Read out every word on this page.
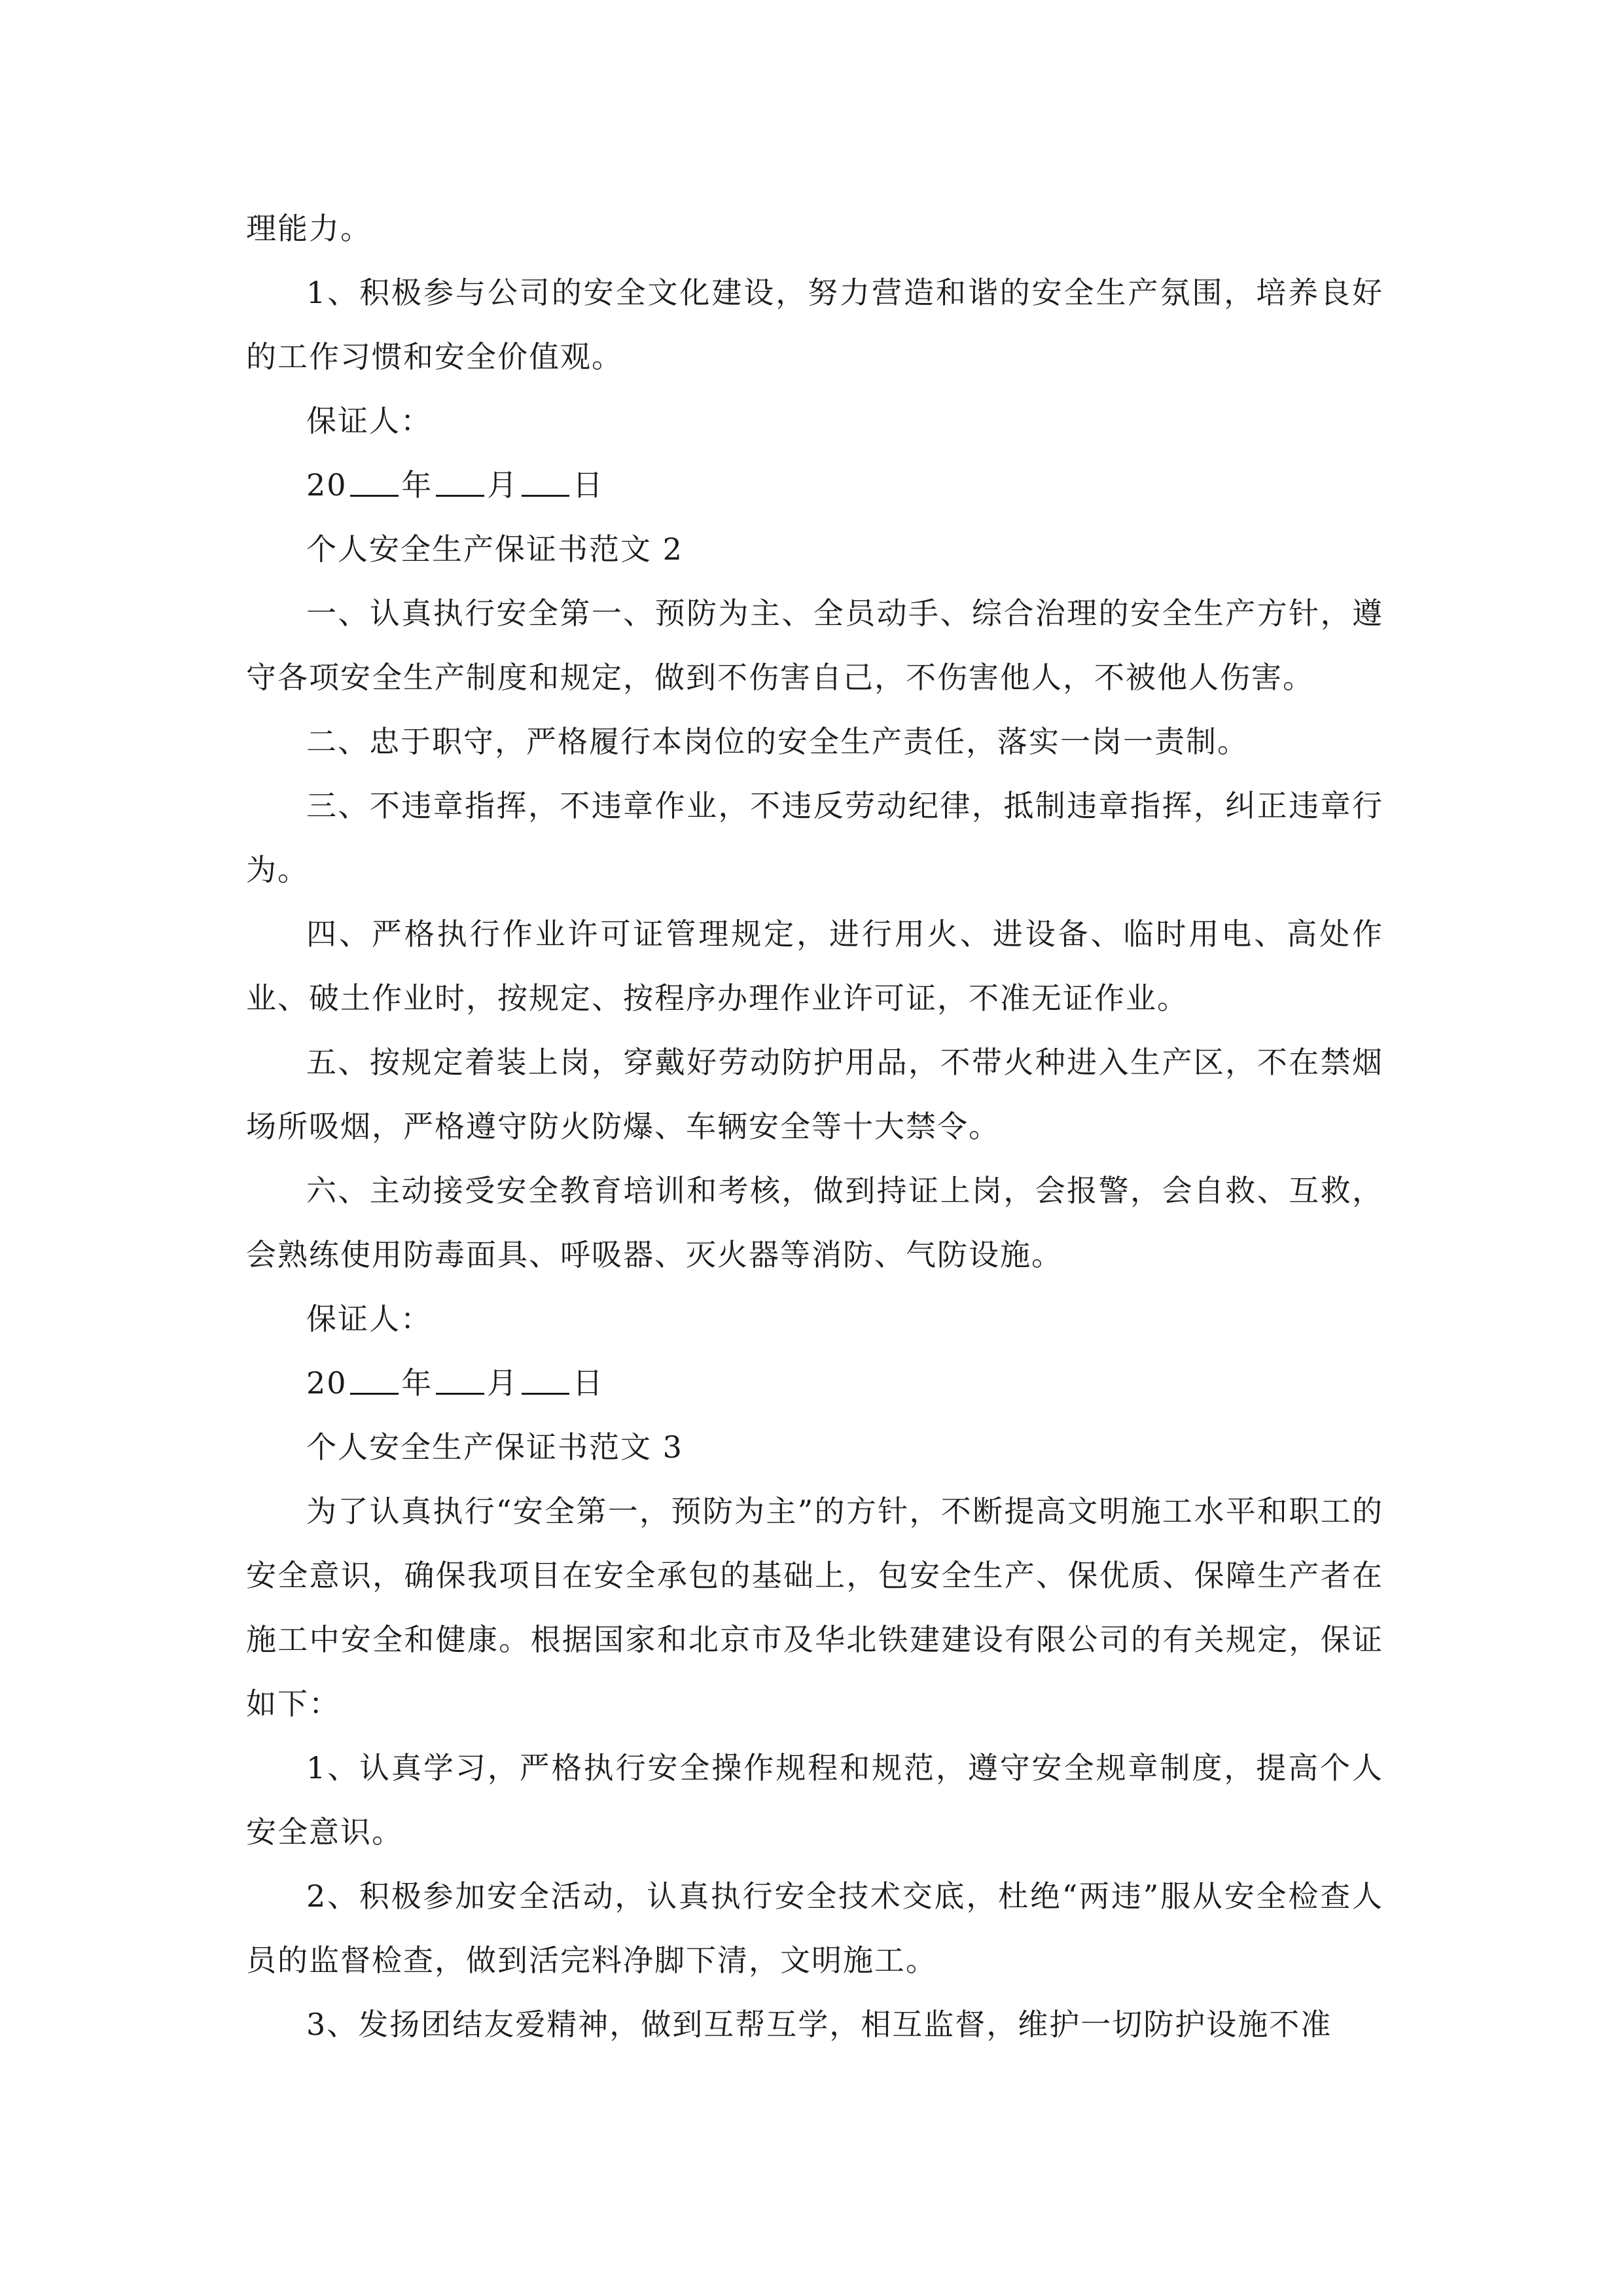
理能力。

1、积极参与公司的安全文化建设，努力营造和谐的安全生产氛围，培养良好的工作习惯和安全价值观。

保证人：

20 年 月 日

个人安全生产保证书范文 2

一、认真执行安全第一、预防为主、全员动手、综合治理的安全生产方针，遵守各项安全生产制度和规定，做到不伤害自己，不伤害他人，不被他人伤害。

二、忠于职守，严格履行本岗位的安全生产责任，落实一岗一责制。

三、不违章指挥，不违章作业，不违反劳动纪律，抵制违章指挥，纠正违章行为。

四、严格执行作业许可证管理规定，进行用火、进设备、临时用电、高处作业、破土作业时，按规定、按程序办理作业许可证，不准无证作业。

五、按规定着装上岗，穿戴好劳动防护用品，不带火种进入生产区，不在禁烟场所吸烟，严格遵守防火防爆、车辆安全等十大禁令。

六、主动接受安全教育培训和考核，做到持证上岗，会报警，会自救、互救，会熟练使用防毒面具、呼吸器、灭火器等消防、气防设施。

保证人：

20 年 月 日

个人安全生产保证书范文 3

为了认真执行“安全第一，预防为主”的方针，不断提高文明施工水平和职工的安全意识，确保我项目在安全承包的基础上，包安全生产、保优质、保障生产者在施工中安全和健康。根据国家和北京市及华北铁建建设有限公司的有关规定，保证如下：

1、认真学习，严格执行安全操作规程和规范，遵守安全规章制度，提高个人安全意识。

2、积极参加安全活动，认真执行安全技术交底，杜绝“两违”服从安全检查人员的监督检查，做到活完料净脚下清，文明施工。

3、发扬团结友爱精神，做到互帮互学，相互监督，维护一切防护设施不准
